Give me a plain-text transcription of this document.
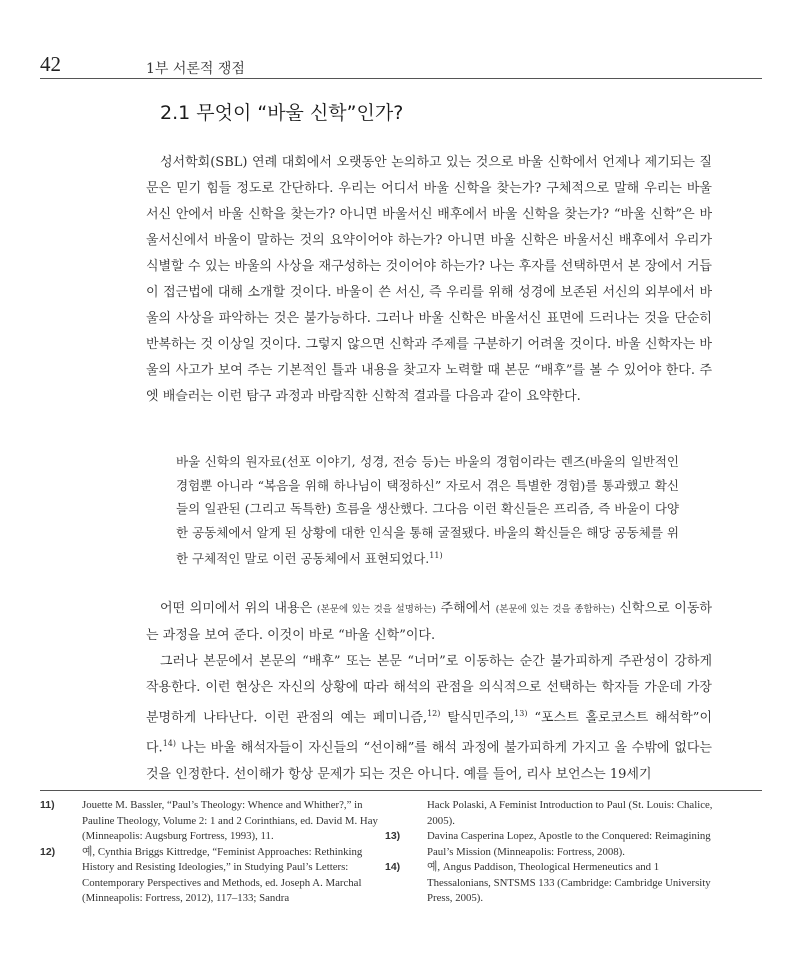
42	1부 서론적 쟁점
2.1 무엇이 “바울 신학”인가?

성서학회(SBL) 연례 대회에서 오랫동안 논의하고 있는 것으로 바울 신학에서 언제나 제기되는 질문은 믿기 힘들 정도로 간단하다. 우리는 어디서 바울 신학을 찾는가? 구체적으로 말해 우리는 바울서신 안에서 바울 신학을 찾는가? 아니면 바울서신 배후에서 바울 신학을 찾는가? “바울 신학”은 바울서신에서 바울이 말하는 것의 요약이어야 하는가? 아니면 바울 신학은 바울서신 배후에서 우리가 식별할 수 있는 바울의 사상을 재구성하는 것이어야 하는가? 나는 후자를 선택하면서 본 장에서 거듭 이 접근법에 대해 소개할 것이다. 바울이 쓴 서신, 즉 우리를 위해 성경에 보존된 서신의 외부에서 바울의 사상을 파악하는 것은 불가능하다. 그러나 바울 신학은 바울서신 표면에 드러나는 것을 단순히 반복하는 것 이상일 것이다. 그렇지 않으면 신학과 주제를 구분하기 어려울 것이다. 바울 신학자는 바울의 사고가 보여 주는 기본적인 틀과 내용을 찾고자 노력할 때 본문 “배후”를 볼 수 있어야 한다. 주엣 배슬러는 이런 탐구 과정과 바람직한 신학적 결과를 다음과 같이 요약한다.

바울 신학의 원자료(선포 이야기, 성경, 전승 등)는 바울의 경험이라는 렌즈(바울의 일반적인 경험뿐 아니라 “복음을 위해 하나님이 택정하신” 자로서 겪은 특별한 경험)를 통과했고 확신들의 일관된 (그리고 독특한) 흐름을 생산했다. 그다음 이런 확신들은 프리즘, 즉 바울이 다양한 공동체에서 알게 된 상황에 대한 인식을 통해 굴절됐다. 바울의 확신들은 해당 공동체를 위한 구체적인 말로 이런 공동체에서 표현되었다.$^{11)}$

어떤 의미에서 위의 내용은 (본문에 있는 것을 설명하는) 주해에서 (본문에 있는 것을 종합하는) 신학으로 이동하는 과정을 보여 준다. 이것이 바로 “바울 신학”이다.

그러나 본문에서 본문의 “배후” 또는 본문 “너머”로 이동하는 순간 불가피하게 주관성이 강하게 작용한다. 이런 현상은 자신의 상황에 따라 해석의 관점을 의식적으로 선택하는 학자들 가운데 가장 분명하게 나타난다. 이런 관점의 예는 페미니즘,$^{12)}$ 탈식민주의,$^{13)}$ “포스트 홀로코스트 해석학”이다.$^{14)}$ 나는 바울 해석자들이 자신들의 “선이해”를 해석 과정에 불가피하게 가지고 올 수밖에 없다는 것을 인정한다. 선이해가 항상 문제가 되는 것은 아니다. 예를 들어, 리사 보언스는 19세기

11)	Jouette M. Bassler, “Paul’s Theology: Whence and Whither?,” in Pauline Theology, Volume 2: 1 and 2 Corinthians, ed. David M. Hay (Minneapolis: Augsburg Fortress, 1993), 11.
12)	예, Cynthia Briggs Kittredge, “Feminist Approaches: Rethinking History and Resisting Ideologies,” in Studying Paul’s Letters: Contemporary Perspectives and Methods, ed. Joseph A. Marchal (Minneapolis: Fortress, 2012), 117–133; Sandra
Hack Polaski, A Feminist Introduction to Paul (St. Louis: Chalice, 2005).
13)	Davina Casperina Lopez, Apostle to the Conquered: Reimagining Paul’s Mission (Minneapolis: Fortress, 2008).
14)	예, Angus Paddison, Theological Hermeneutics and 1 Thessalonians, SNTSMS 133 (Cambridge: Cambridge University Press, 2005).
